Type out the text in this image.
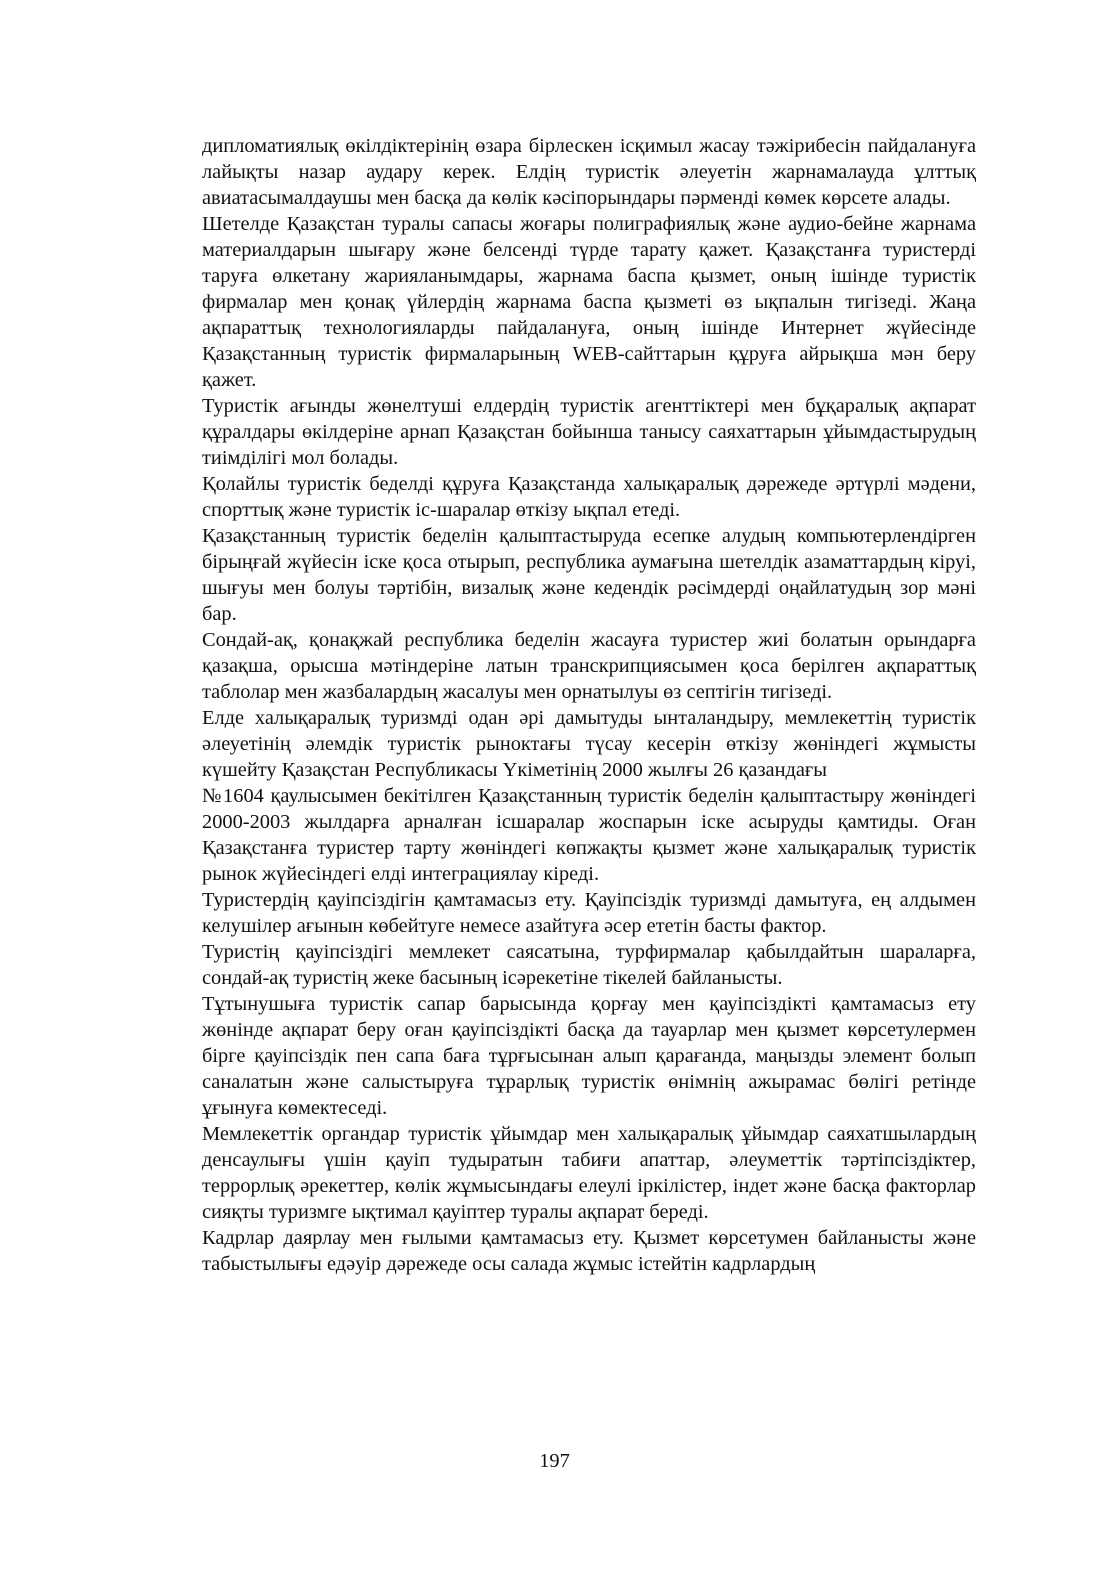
дипломатиялық өкілдіктерінің өзара бірлескен ісқимыл жасау тәжірибесін пайдалануға лайықты назар аудару керек. Елдің туристік әлеуетін жарнамалауда ұлттық авиатасымалдаушы мен басқа да көлік кәсіпорындары пәрменді көмек көрсете алады.

Шетелде Қазақстан туралы сапасы жоғары полиграфиялық және аудио-бейне жарнама материалдарын шығару және белсенді түрде тарату қажет. Қазақстанға туристерді таруға өлкетану жарияланымдары, жарнама баспа қызмет, оның ішінде туристік фирмалар мен қонақ үйлердің жарнама баспа қызметі өз ықпалын тигізеді. Жаңа ақпараттық технологияларды пайдалануға, оның ішінде Интернет жүйесінде Қазақстанның туристік фирмаларының WEB-сайттарын құруға айрықша мән беру қажет.

Туристік ағынды жөнелтуші елдердің туристік агенттіктері мен бұқаралық ақпарат құралдары өкілдеріне арнап Қазақстан бойынша танысу саяхаттарын ұйымдастырудың тиімділігі мол болады.

Қолайлы туристік беделді құруға Қазақстанда халықаралық дәрежеде әртүрлі мәдени, спорттық және туристік іс-шаралар өткізу ықпал етеді.

Қазақстанның туристік беделін қалыптастыруда есепке алудың компьютерлендірген бірыңғай жүйесін іске қоса отырып, республика аумағына шетелдік азаматтардың кіруі, шығуы мен болуы тәртібін, визалық және кедендік рәсімдерді оңайлатудың зор мәні бар.

Сондай-ақ, қонақжай республика беделін жасауға туристер жиі болатын орындарға қазақша, орысша мәтіндеріне латын транскрипциясымен қоса берілген ақпараттық таблолар мен жазбалардың жасалуы мен орнатылуы өз септігін тигізеді.

Елде халықаралық туризмді одан әрі дамытуды ынталандыру, мемлекеттің туристік әлеуетінің әлемдік туристік рыноктағы түсау кесерін өткізу жөніндегі жұмысты күшейту Қазақстан Республикасы Үкіметінің 2000 жылғы 26 қазандағы

№1604 қаулысымен бекітілген Қазақстанның туристік беделін қалыптастыру жөніндегі 2000-2003 жылдарға арналған ісшаралар жоспарын іске асыруды қамтиды. Оған Қазақстанға туристер тарту жөніндегі көпжақты қызмет және халықаралық туристік рынок жүйесіндегі елді интеграциялау кіреді.

Туристердің қауіпсіздігін қамтамасыз ету. Қауіпсіздік туризмді дамытуға, ең алдымен келушілер ағынын көбейтуге немесе азайтуға әсер ететін басты фактор.

Туристің қауіпсіздігі мемлекет саясатына, турфирмалар қабылдайтын шараларға, сондай-ақ туристің жеке басының ісәрекетіне тікелей байланысты.

Тұтынушыға туристік сапар барысында қорғау мен қауіпсіздікті қамтамасыз ету жөнінде ақпарат беру оған қауіпсіздікті басқа да тауарлар мен қызмет көрсетулермен бірге қауіпсіздік пен сапа баға тұрғысынан алып қарағанда, маңызды элемент болып саналатын және салыстыруға тұрарлық туристік өнімнің ажырамас бөлігі ретінде ұғынуға көмектеседі.

Мемлекеттік органдар туристік ұйымдар мен халықаралық ұйымдар саяхатшылардың денсаулығы үшін қауіп тудыратын табиғи апаттар, әлеуметтік тәртіпсіздіктер, террорлық әрекеттер, көлік жұмысындағы елеулі іркілістер, індет және басқа факторлар сияқты туризмге ықтимал қауіптер туралы ақпарат береді.

Кадрлар даярлау мен ғылыми қамтамасыз ету. Қызмет көрсетумен байланысты және табыстылығы едәуір дәрежеде осы салада жұмыс істейтін кадрлардың

197
